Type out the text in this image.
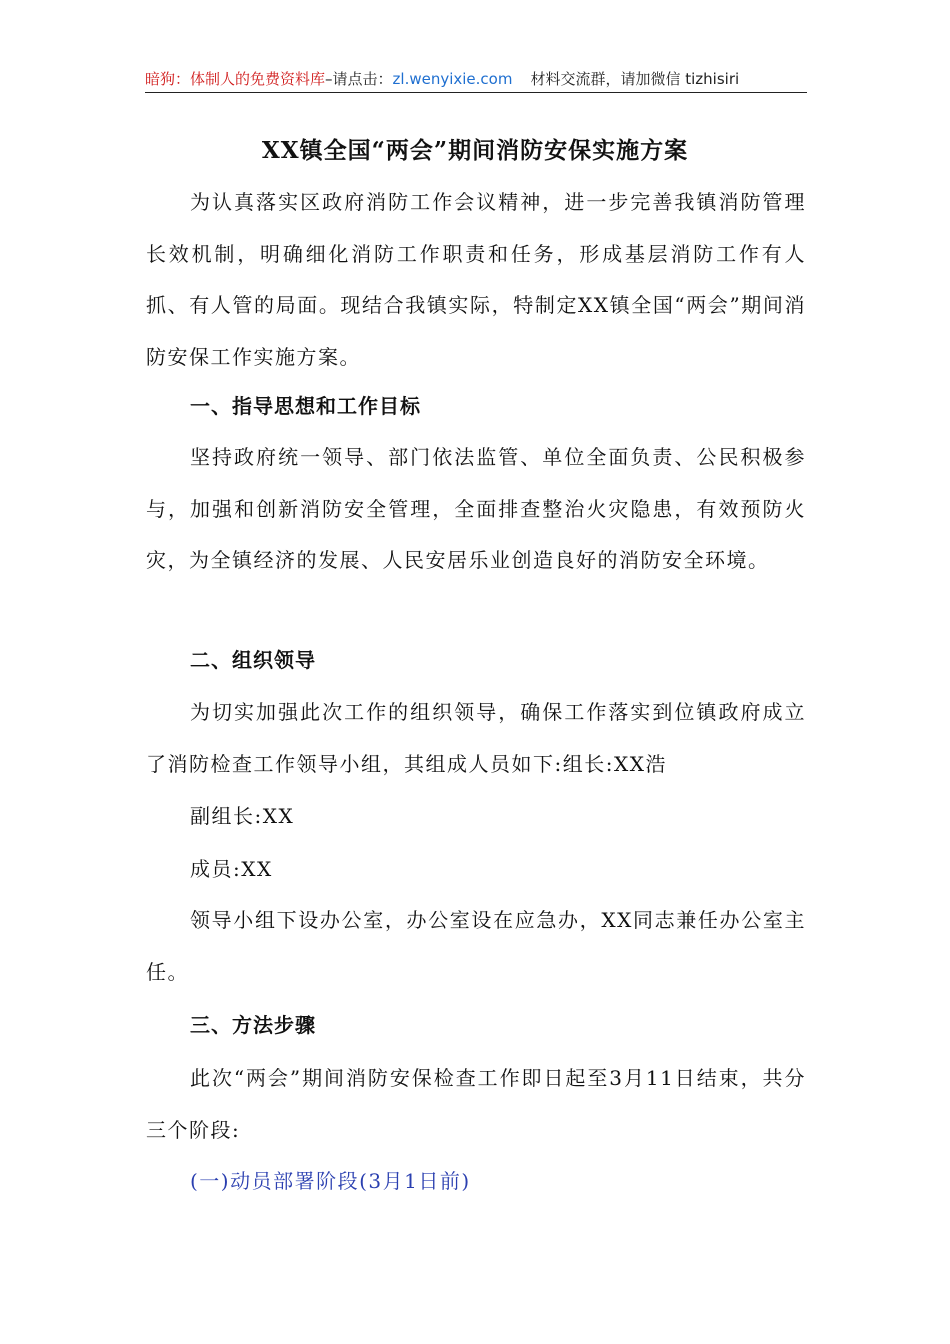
暗狗：体制人的免费资料库–请点击：zl.wenyixie.com 材料交流群，请加微信 tizhisiri
XX镇全国“两会”期间消防安保实施方案
为认真落实区政府消防工作会议精神，进一步完善我镇消防管理长效机制，明确细化消防工作职责和任务，形成基层消防工作有人抓、有人管的局面。现结合我镇实际，特制定XX镇全国“两会”期间消防安保工作实施方案。
一、指导思想和工作目标
坚持政府统一领导、部门依法监管、单位全面负责、公民积极参与，加强和创新消防安全管理，全面排查整治火灾隐患，有效预防火灾，为全镇经济的发展、人民安居乐业创造良好的消防安全环境。
二、组织领导
为切实加强此次工作的组织领导，确保工作落实到位镇政府成立了消防检查工作领导小组，其组成人员如下:组长:XX浩
副组长:XX
成员:XX
领导小组下设办公室，办公室设在应急办，XX同志兼任办公室主任。
三、方法步骤
此次“两会”期间消防安保检查工作即日起至3月11日结束，共分三个阶段:
(一)动员部署阶段(3月1日前)
